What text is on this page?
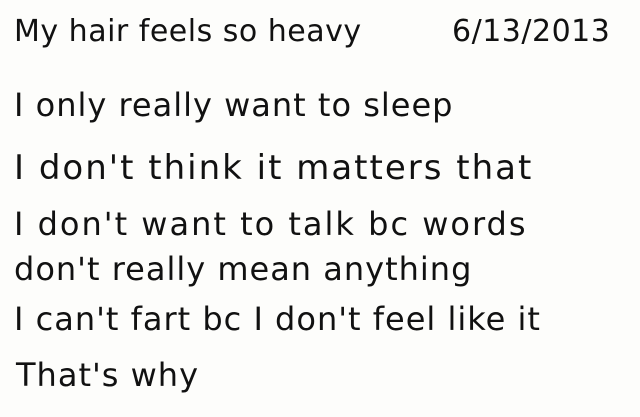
My hair feels so heavy	6/13/2013
I only really want to sleep
I don't think it matters that
I don't want to talk bc words
don't really mean anything
I can't fart bc I don't feel like it
That's why
